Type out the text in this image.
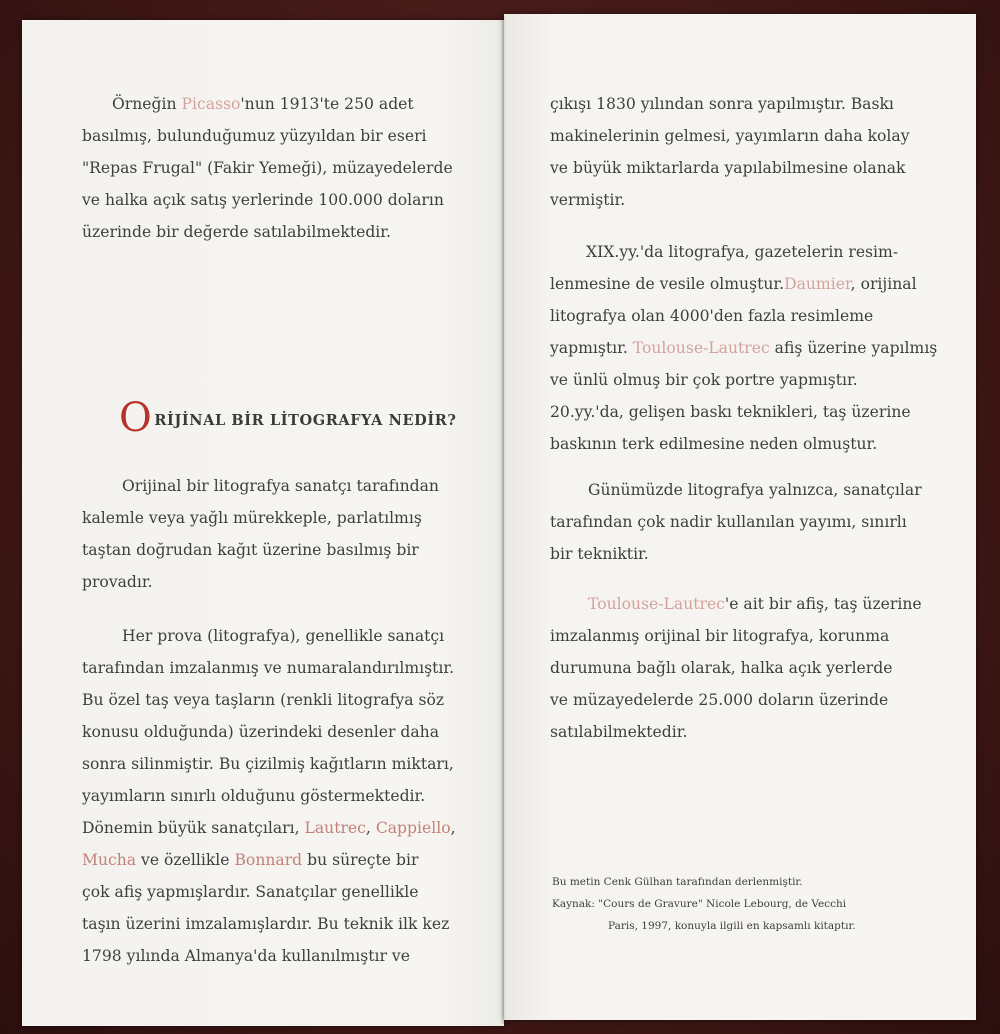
Örneğin Picasso'nun 1913'te 250 adet
basılmış, bulunduğumuz yüzyıldan bir eseri
"Repas Frugal" (Fakir Yemeği), müzayedelerde
ve halka açık satış yerlerinde 100.000 doların
üzerinde bir değerde satılabilmektedir.

ORİJİNAL BİR LİTOGRAFYA NEDİR?

Orijinal bir litografya sanatçı tarafından
kalemle veya yağlı mürekkeple, parlatılmış
taştan doğrudan kağıt üzerine basılmış bir
provadır.

Her prova (litografya), genellikle sanatçı
tarafından imzalanmış ve numaralandırılmıştır.
Bu özel taş veya taşların (renkli litografya söz
konusu olduğunda) üzerindeki desenler daha
sonra silinmiştir. Bu çizilmiş kağıtların miktarı,
yayımların sınırlı olduğunu göstermektedir.
Dönemin büyük sanatçıları, Lautrec, Cappiello,
Mucha ve özellikle Bonnard bu süreçte bir
çok afiş yapmışlardır. Sanatçılar genellikle
taşın üzerini imzalamışlardır. Bu teknik ilk kez
1798 yılında Almanya'da kullanılmıştır ve

çıkışı 1830 yılından sonra yapılmıştır. Baskı
makinelerinin gelmesi, yayımların daha kolay
ve büyük miktarlarda yapılabilmesine olanak
vermiştir.

XIX.yy.'da litografya, gazetelerin resim-
lenmesine de vesile olmuştur.Daumier, orijinal
litografya olan 4000'den fazla resimleme
yapmıştır. Toulouse-Lautrec afiş üzerine yapılmış
ve ünlü olmuş bir çok portre yapmıştır.
20.yy.'da, gelişen baskı teknikleri, taş üzerine
baskının terk edilmesine neden olmuştur.

Günümüzde litografya yalnızca, sanatçılar
tarafından çok nadir kullanılan yayımı, sınırlı
bir tekniktir.

Toulouse-Lautrec'e ait bir afiş, taş üzerine
imzalanmış orijinal bir litografya, korunma
durumuna bağlı olarak, halka açık yerlerde
ve müzayedelerde 25.000 doların üzerinde
satılabilmektedir.

Bu metin Cenk Gülhan tarafından derlenmiştir.

Kaynak: "Cours de Gravure" Nicole Lebourg, de Vecchi

Paris, 1997, konuyla ilgili en kapsamlı kitaptır.
